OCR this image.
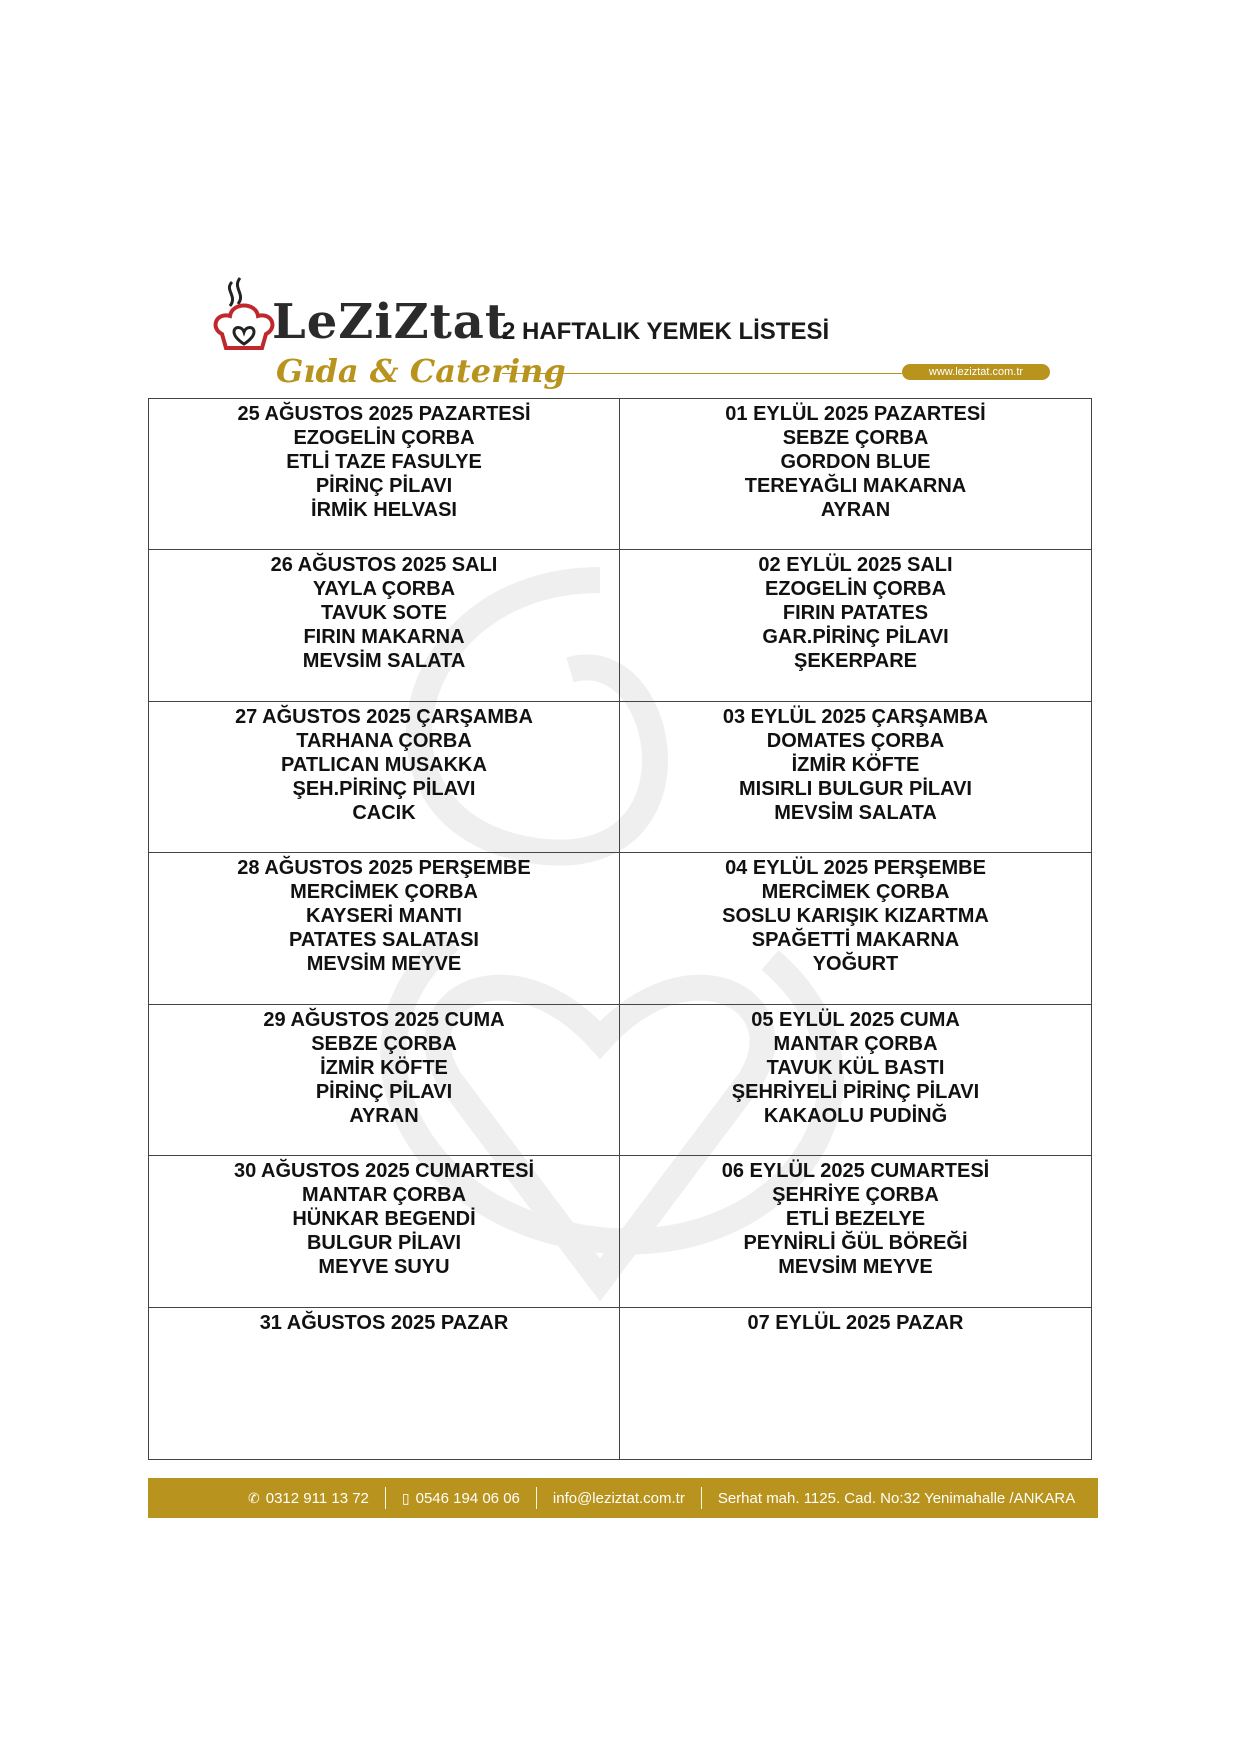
LeZiZtat
Gıda & Catering
2 HAFTALIK YEMEK LİSTESİ
www.leziztat.com.tr
25 AĞUSTOS 2025 PAZARTESİ
EZOGELİN ÇORBA
ETLİ TAZE FASULYE
PİRİNÇ PİLAVI
İRMİK HELVASI
01 EYLÜL 2025 PAZARTESİ
SEBZE ÇORBA
GORDON BLUE
TEREYAĞLI MAKARNA
AYRAN
26 AĞUSTOS 2025 SALI
YAYLA ÇORBA
TAVUK SOTE
FIRIN MAKARNA
MEVSİM SALATA
02 EYLÜL 2025 SALI
EZOGELİN ÇORBA
FIRIN PATATES
GAR.PİRİNÇ PİLAVI
ŞEKERPARE
27 AĞUSTOS 2025 ÇARŞAMBA
TARHANA ÇORBA
PATLICAN MUSAKKA
ŞEH.PİRİNÇ PİLAVI
CACIK
03 EYLÜL 2025 ÇARŞAMBA
DOMATES ÇORBA
İZMİR KÖFTE
MISIRLI BULGUR PİLAVI
MEVSİM SALATA
28 AĞUSTOS 2025 PERŞEMBE
MERCİMEK ÇORBA
KAYSERİ MANTI
PATATES SALATASI
MEVSİM MEYVE
04 EYLÜL 2025 PERŞEMBE
MERCİMEK ÇORBA
SOSLU KARIŞIK KIZARTMA
SPAĞETTİ MAKARNA
YOĞURT
29 AĞUSTOS 2025 CUMA
SEBZE ÇORBA
İZMİR KÖFTE
PİRİNÇ PİLAVI
AYRAN
05 EYLÜL 2025 CUMA
MANTAR ÇORBA
TAVUK KÜL BASTI
ŞEHRİYELİ PİRİNÇ PİLAVI
KAKAOLU PUDİNĞ
30 AĞUSTOS 2025 CUMARTESİ
MANTAR ÇORBA
HÜNKAR BEGENDİ
BULGUR PİLAVI
MEYVE SUYU
06 EYLÜL 2025 CUMARTESİ
ŞEHRİYE ÇORBA
ETLİ BEZELYE
PEYNİRLİ ĞÜL BÖREĞİ
MEVSİM MEYVE
31 AĞUSTOS 2025 PAZAR	07 EYLÜL 2025 PAZAR
✆ 0312 911 13 72 ▯ 0546 194 06 06 info@leziztat.com.tr Serhat mah. 1125. Cad. No:32 Yenimahalle /ANKARA
